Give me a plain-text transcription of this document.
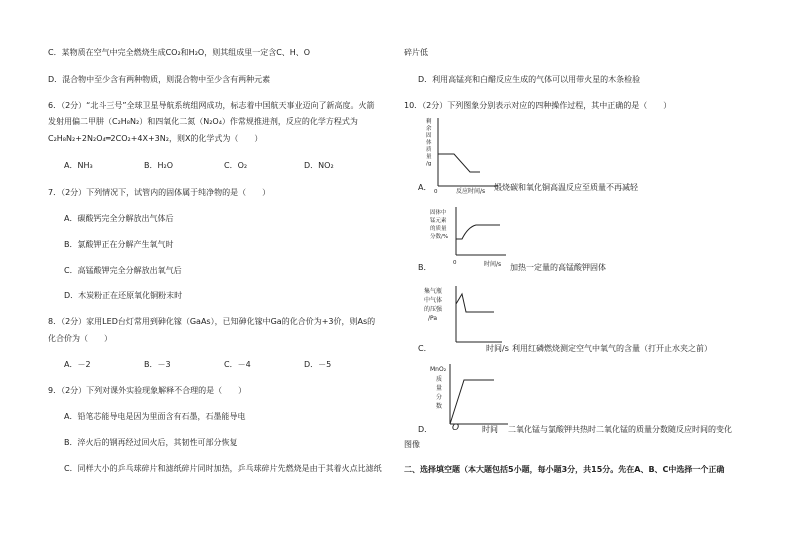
C．某物质在空气中完全燃烧生成CO₂和H₂O，则其组成里一定含C、H、O
D．混合物中至少含有两种物质，则混合物中至少含有两种元素
6．（2分）“北斗三号”全球卫星导航系统组网成功，标志着中国航天事业迈向了新高度。火箭
发射用偏二甲肼（C₂H₈N₂）和四氧化二氮（N₂O₄）作常规推进剂，反应的化学方程式为
C₂H₈N₂+2N₂O₄═2CO₂+4X+3N₂，则X的化学式为（　　）
A．NH₃	B．H₂O	C．O₂	D．NO₂
7．（2分）下列情况下，试管内的固体属于纯净物的是（　　）
A．碳酸钙完全分解放出气体后
B．氯酸钾正在分解产生氧气时
C．高锰酸钾完全分解放出氧气后
D．木炭粉正在还原氧化铜粉末时
8．（2分）家用LED台灯常用到砷化镓（GaAs），已知砷化镓中Ga的化合价为+3价，则As的
化合价为（　　）
A．－2	B．－3	C．－4	D．－5
9．（2分）下列对课外实验现象解释不合理的是（　　）
A．铅笔芯能导电是因为里面含有石墨，石墨能导电
B．淬火后的钢再经过回火后，其韧性可部分恢复
C．同样大小的乒乓球碎片和滤纸碎片同时加热，乒乓球碎片先燃烧是由于其着火点比滤纸
碎片低
D．利用高锰亮和白醋反应生成的气体可以用带火星的木条检验
10．（2分）下列图象分别表示对应的四种操作过程，其中正确的是（　　）
剩
余
固
体
质
量
/g
0	反应时间/s
A．	煅烧碳和氧化铜高温反应至质量不再减轻
固体中
锰元素
的质量
分数/%
0	时间/s
B．	加热一定量的高锰酸钾固体
集气瓶
中气体
的压强
/Pa
C．	时间/s 利用红磷燃烧测定空气中氧气的含量（打开止水夹之前）
MnO₂
质
量
分
数
D． O	时间 二氧化锰与氯酸钾共热时二氧化锰的质量分数随反应时间的变化
图像
二、选择填空题（本大题包括5小题，每小题3分，共15分。先在A、B、C中选择一个正确
